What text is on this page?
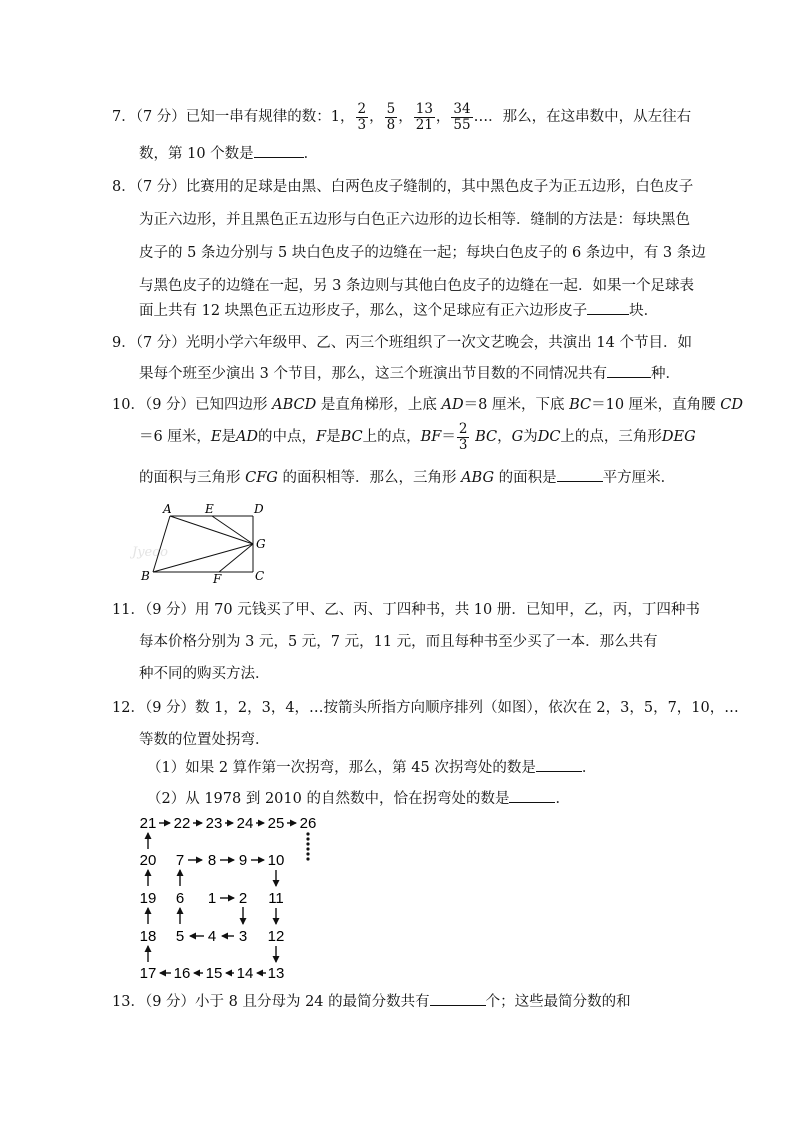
7．（7 分）已知一串有规律的数：1， $\frac{2}{3}$ ， $\frac{5}{8}$ ， $\frac{13}{21}$ ， $\frac{34}{55}$ …．那么，在这串数中，从左往右
数，第 10 个数是	．
8．（7 分）比赛用的足球是由黑、白两色皮子缝制的，其中黑色皮子为正五边形，白色皮子
为正六边形，并且黑色正五边形与白色正六边形的边长相等．缝制的方法是：每块黑色
皮子的 5 条边分别与 5 块白色皮子的边缝在一起；每块白色皮子的 6 条边中，有 3 条边
与黑色皮子的边缝在一起，另 3 条边则与其他白色皮子的边缝在一起．如果一个足球表
面上共有 12 块黑色正五边形皮子，那么，这个足球应有正六边形皮子	块．
9．（7 分）光明小学六年级甲、乙、丙三个班组织了一次文艺晚会，共演出 14 个节目．如
果每个班至少演出 3 个节目，那么，这三个班演出节目数的不同情况共有	种．
10．（9 分）已知四边形 ABCD 是直角梯形，上底 AD＝8 厘米，下底 BC＝10 厘米，直角腰 CD
＝6 厘米， E 是 AD 的中点， F 是 BC 上的点， BF ＝ $\frac{2}{3}$
BC ， G 为 DC 上的点，三角形 DEG
的面积与三角形 CFG 的面积相等．那么，三角形 ABG 的面积是	平方厘米．
Jyeoo
A	E	D
G
B	F	C
11．（9 分）用 70 元钱买了甲、乙、丙、丁四种书，共 10 册．已知甲，乙，丙，丁四种书
每本价格分别为 3 元，5 元，7 元，11 元，而且每种书至少买了一本．那么共有
种不同的购买方法．
12．（9 分）数 1，2，3，4，…按箭头所指方向顺序排列（如图），依次在 2，3，5，7，10，…
等数的位置处拐弯．
（1）如果 2 算作第一次拐弯，那么，第 45 次拐弯处的数是	．
（2）从 1978 到 2010 的自然数中，恰在拐弯处的数是	．
21 22 23 24 25 26
20 7 8 9 10
19 6 1 2 11
18 5 4 3 12
17 16 15 14 13
13．（9 分）小于 8 且分母为 24 的最简分数共有	个；这些最简分数的和
